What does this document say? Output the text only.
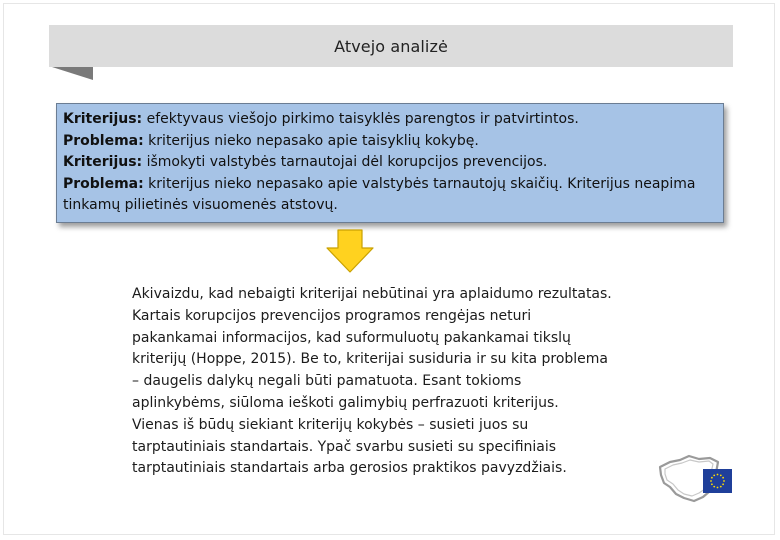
Atvejo analizė
Kriterijus: efektyvaus viešojo pirkimo taisyklės parengtos ir patvirtintos.
Problema: kriterijus nieko nepasako apie taisyklių kokybę.
Kriterijus: išmokyti valstybės tarnautojai dėl korupcijos prevencijos.
Problema: kriterijus nieko nepasako apie valstybės tarnautojų skaičių. Kriterijus neapima tinkamų pilietinės visuomenės atstovų.
Akivaizdu, kad nebaigti kriterijai nebūtinai yra aplaidumo rezultatas.
Kartais korupcijos prevencijos programos rengėjas neturi
pakankamai informacijos, kad suformuluotų pakankamai tikslų
kriterijų (Hoppe, 2015). Be to, kriterijai susiduria ir su kita problema
– daugelis dalykų negali būti pamatuota. Esant tokioms
aplinkybėms, siūloma ieškoti galimybių perfrazuoti kriterijus.
Vienas iš būdų siekiant kriterijų kokybės – susieti juos su
tarptautiniais standartais. Ypač svarbu susieti su specifiniais
tarptautiniais standartais arba gerosios praktikos pavyzdžiais.
